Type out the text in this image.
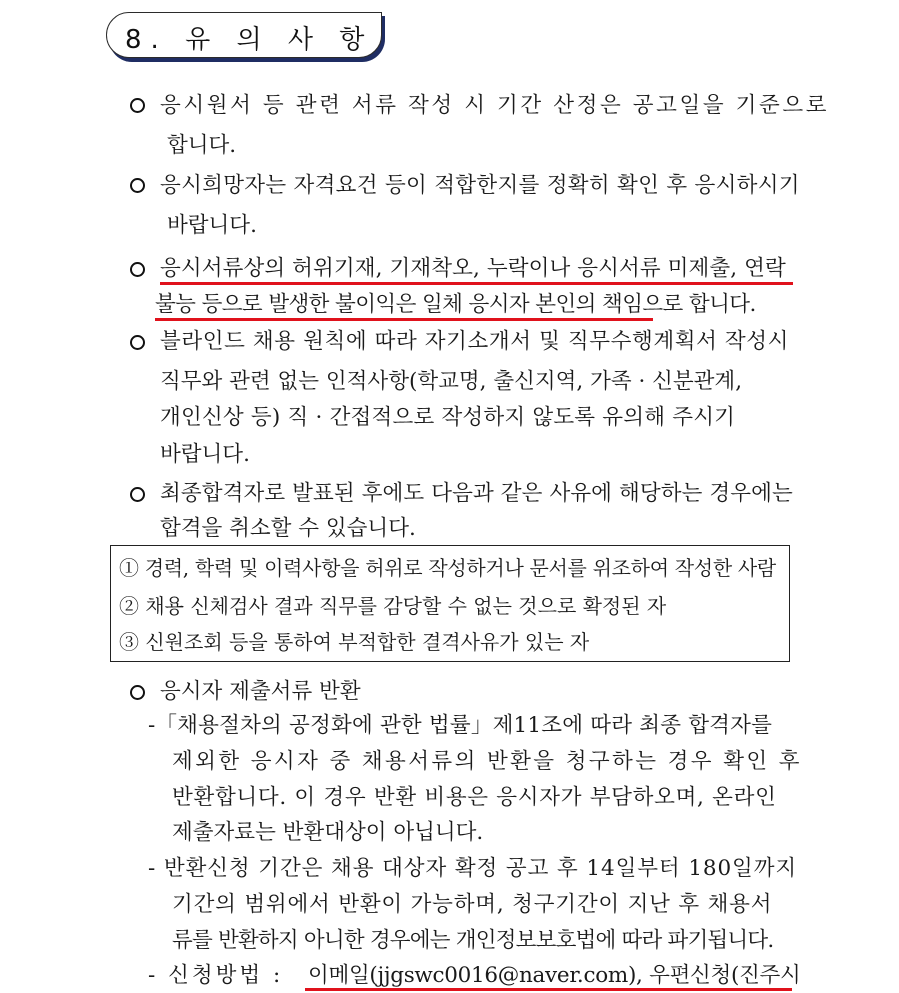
8. 유 의 사 항
응시원서 등 관련 서류 작성 시 기간 산정은 공고일을 기준으로
합니다.
응시희망자는 자격요건 등이 적합한지를 정확히 확인 후 응시하시기
바랍니다.
응시서류상의 허위기재, 기재착오, 누락이나 응시서류 미제출, 연락
불능 등으로 발생한 불이익은 일체 응시자 본인의 책임으로 합니다.
블라인드 채용 원칙에 따라 자기소개서 및 직무수행계획서 작성시
직무와 관련 없는 인적사항(학교명, 출신지역, 가족 · 신분관계,
개인신상 등) 직 · 간접적으로 작성하지 않도록 유의해 주시기
바랍니다.
최종합격자로 발표된 후에도 다음과 같은 사유에 해당하는 경우에는
합격을 취소할 수 있습니다.
① 경력, 학력 및 이력사항을 허위로 작성하거나 문서를 위조하여 작성한 사람
② 채용 신체검사 결과 직무를 감당할 수 없는 것으로 확정된 자
③ 신원조회 등을 통하여 부적합한 결격사유가 있는 자
응시자 제출서류 반환
-「채용절차의 공정화에 관한 법률」제11조에 따라 최종 합격자를
제외한 응시자 중 채용서류의 반환을 청구하는 경우 확인 후
반환합니다. 이 경우 반환 비용은 응시자가 부담하오며, 온라인
제출자료는 반환대상이 아닙니다.
- 반환신청 기간은 채용 대상자 확정 공고 후 14일부터 180일까지
기간의 범위에서 반환이 가능하며, 청구기간이 지난 후 채용서
류를 반환하지 아니한 경우에는 개인정보보호법에 따라 파기됩니다.
- 신청방법 : 이메일(jjgswc0016@naver.com), 우편신청(진주시
